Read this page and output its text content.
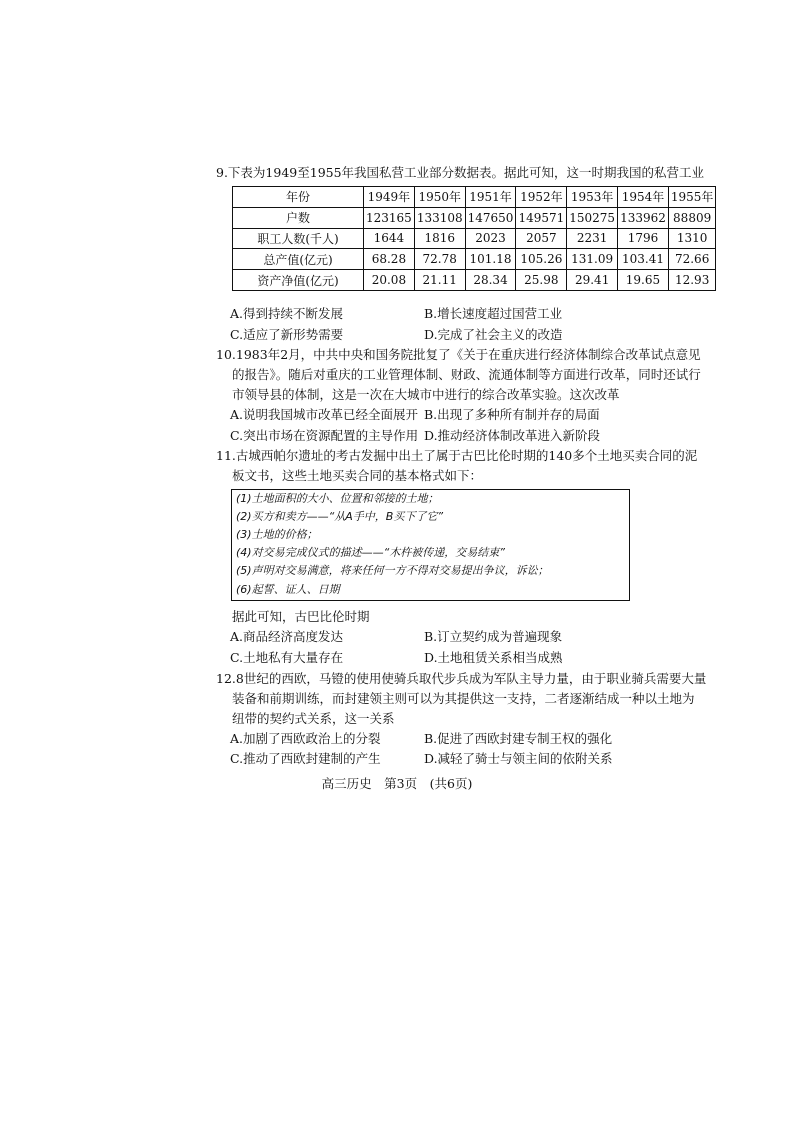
9.下表为1949至1955年我国私营工业部分数据表。据此可知，这一时期我国的私营工业
年份	1949年	1950年	1951年	1952年	1953年	1954年	1955年
户数	123165	133108	147650	149571	150275	133962	88809
职工人数(千人)	1644	1816	2023	2057	2231	1796	1310
总产值(亿元)	68.28	72.78	101.18	105.26	131.09	103.41	72.66
资产净值(亿元)	20.08	21.11	28.34	25.98	29.41	19.65	12.93
A.得到持续不断发展	B.增长速度超过国营工业
C.适应了新形势需要	D.完成了社会主义的改造
10.1983年2月，中共中央和国务院批复了《关于在重庆进行经济体制综合改革试点意见
的报告》。随后对重庆的工业管理体制、财政、流通体制等方面进行改革，同时还试行
市领导县的体制，这是一次在大城市中进行的综合改革实验。这次改革
A.说明我国城市改革已经全面展开 B.出现了多种所有制并存的局面
C.突出市场在资源配置的主导作用 D.推动经济体制改革进入新阶段
11.古城西帕尔遗址的考古发掘中出土了属于古巴比伦时期的140多个土地买卖合同的泥
板文书，这些土地买卖合同的基本格式如下：
(1)土地面积的大小、位置和邻接的土地；
(2)买方和卖方——“从A手中，B买下了它”
(3)土地的价格；
(4)对交易完成仪式的描述——“木杵被传递，交易结束”
(5)声明对交易满意，将来任何一方不得对交易提出争议，诉讼；
(6)起誓、证人、日期
据此可知，古巴比伦时期
A.商品经济高度发达	B.订立契约成为普遍现象
C.土地私有大量存在	D.土地租赁关系相当成熟
12.8世纪的西欧，马镫的使用使骑兵取代步兵成为军队主导力量，由于职业骑兵需要大量
装备和前期训练，而封建领主则可以为其提供这一支持，二者逐渐结成一种以土地为
纽带的契约式关系，这一关系
A.加剧了西欧政治上的分裂	B.促进了西欧封建专制王权的强化
C.推动了西欧封建制的产生	D.减轻了骑士与领主间的依附关系
高三历史　第3页　(共6页)
